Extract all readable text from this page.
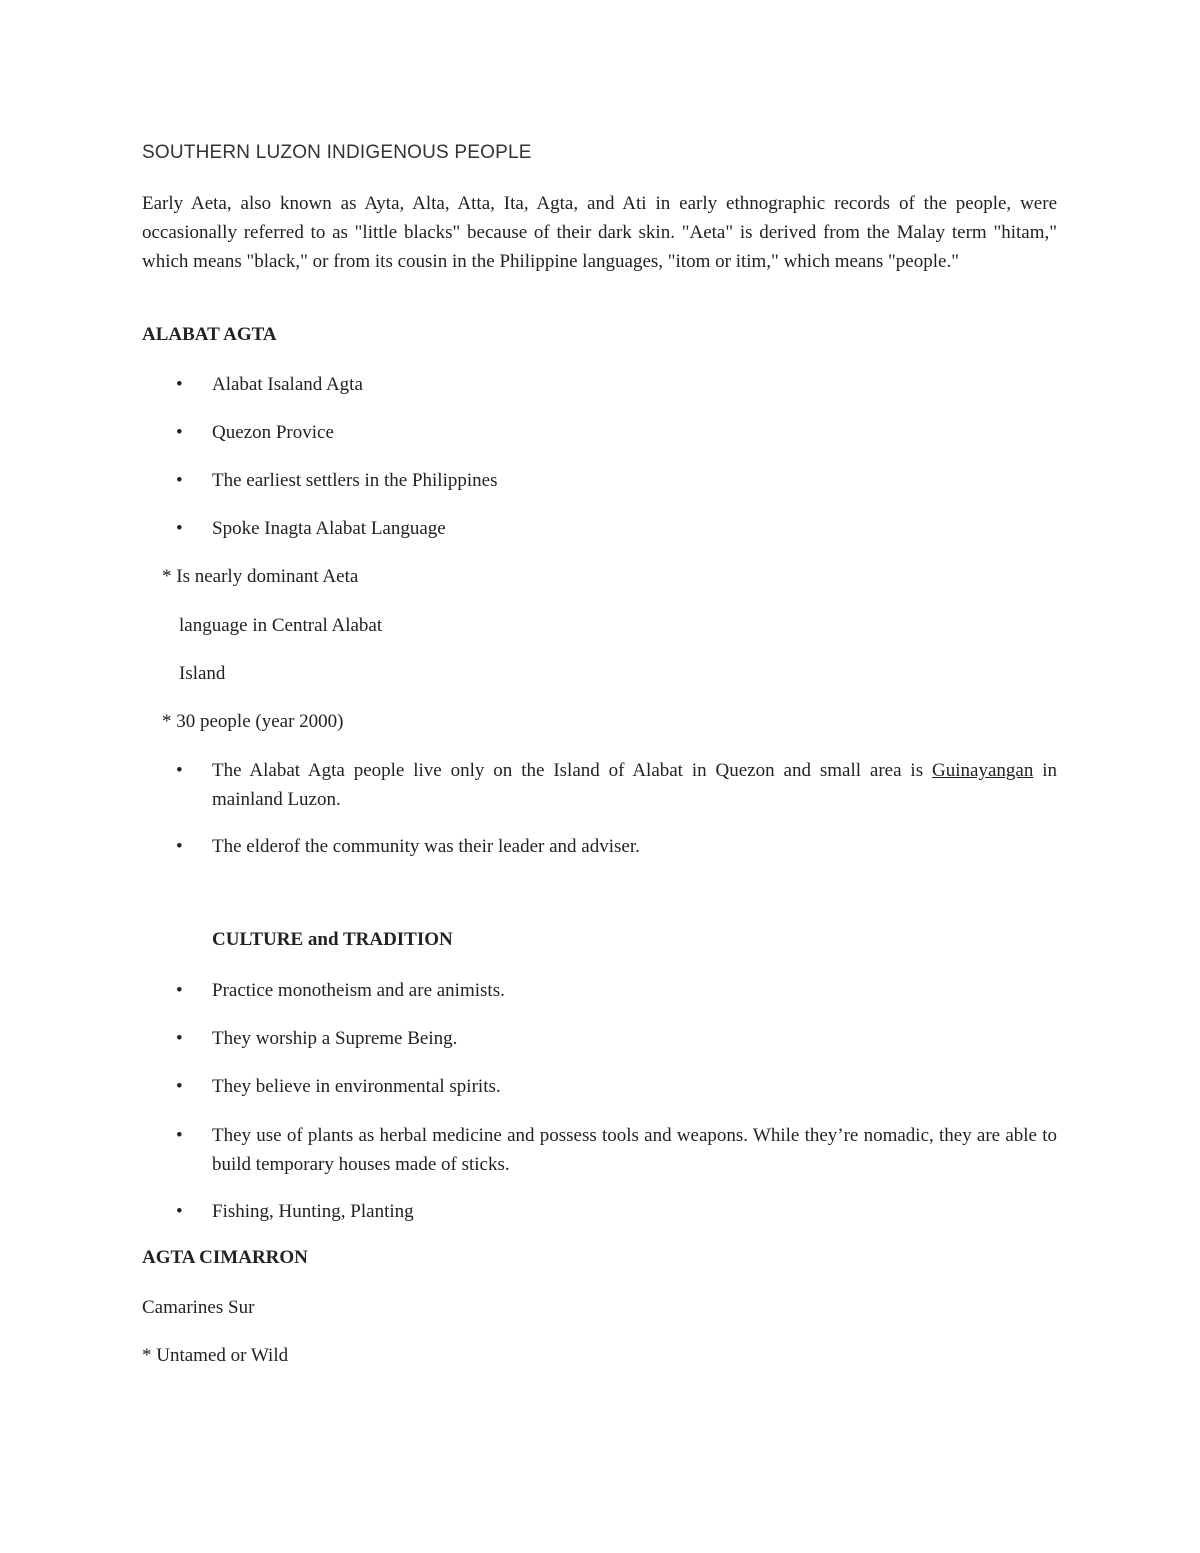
SOUTHERN LUZON INDIGENOUS PEOPLE
Early Aeta, also known as Ayta, Alta, Atta, Ita, Agta, and Ati in early ethnographic records of the people, were occasionally referred to as "little blacks" because of their dark skin. "Aeta" is derived from the Malay term "hitam," which means "black," or from its cousin in the Philippine languages, "itom or itim," which means "people."
ALABAT AGTA
• Alabat Isaland Agta
• Quezon Provice
• The earliest settlers in the Philippines
• Spoke Inagta Alabat Language
* Is nearly dominant Aeta
language in Central Alabat
Island
* 30 people (year 2000)
• The Alabat Agta people live only on the Island of Alabat in Quezon and small area is Guinayangan in mainland Luzon.
• The elderof the community was their leader and adviser.
CULTURE and TRADITION
• Practice monotheism and are animists.
• They worship a Supreme Being.
• They believe in environmental spirits.
• They use of plants as herbal medicine and possess tools and weapons. While they’re nomadic, they are able to build temporary houses made of sticks.
• Fishing, Hunting, Planting
AGTA CIMARRON
Camarines Sur
* Untamed or Wild
